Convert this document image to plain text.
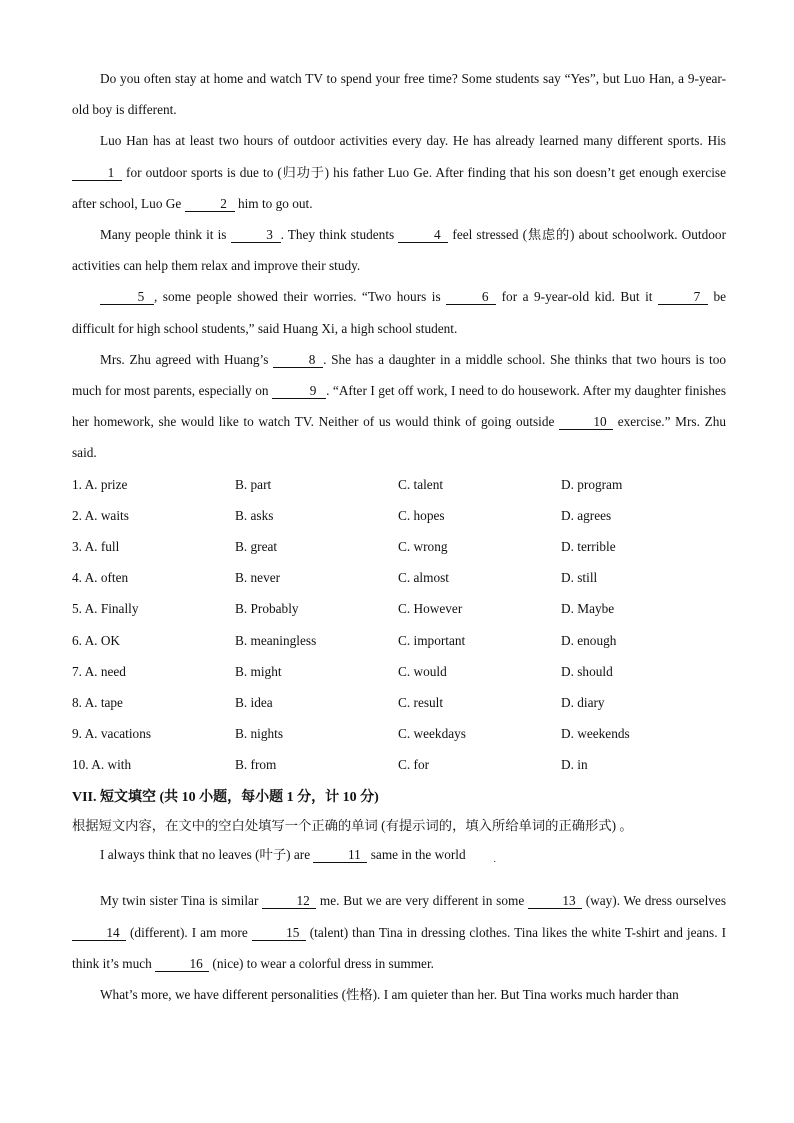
Do you often stay at home and watch TV to spend your free time? Some students say “Yes”, but Luo Han, a 9-year-old boy is different.

Luo Han has at least two hours of outdoor activities every day. He has already learned many different sports. His 1 for outdoor sports is due to (归功于) his father Luo Ge. After finding that his son doesn’t get enough exercise after school, Luo Ge	2 him to go out.

Many people think it is	3 . They think students	4 feel stressed (焦虑的) about schoolwork. Outdoor activities can help them relax and improve their study.

5 , some people showed their worries. “Two hours is	6 for a 9-year-old kid. But it	7 be difficult for high school students,” said Huang Xi, a high school student.

Mrs. Zhu agreed with Huang’s	8 . She has a daughter in a middle school. She thinks that two hours is too much for most parents, especially on	9 . “After I get off work, I need to do housework. After my daughter finishes her homework, she would like to watch TV. Neither of us would think of going outside	10 exercise.” Mrs. Zhu said.

1. A. prize	B. part	C. talent	D. program
2. A. waits	B. asks	C. hopes	D. agrees
3. A. full	B. great	C. wrong	D. terrible
4. A. often	B. never	C. almost	D. still
5. A. Finally	B. Probably	C. However	D. Maybe
6. A. OK	B. meaningless	C. important	D. enough
7. A. need	B. might	C. would	D. should
8. A. tape	B. idea	C. result	D. diary
9. A. vacations	B. nights	C. weekdays	D. weekends
10. A. with	B. from	C. for	D. in
VII. 短文填空 (共 10 小题，每小题 1 分，计 10 分)

根据短文内容，在文中的空白处填写一个正确的单词 (有提示词的，填入所给单词的正确形式) 。

I always think that no leaves (叶子) are	11 same in the world	.

My twin sister Tina is similar	12 me. But we are very different in some	13 (way). We dress ourselves 14 (different). I am more	15 (talent) than Tina in dressing clothes. Tina likes the white T-shirt and jeans. I think it’s much	16 (nice) to wear a colorful dress in summer.

What’s more, we have different personalities (性格). I am quieter than her. But Tina works much harder than
